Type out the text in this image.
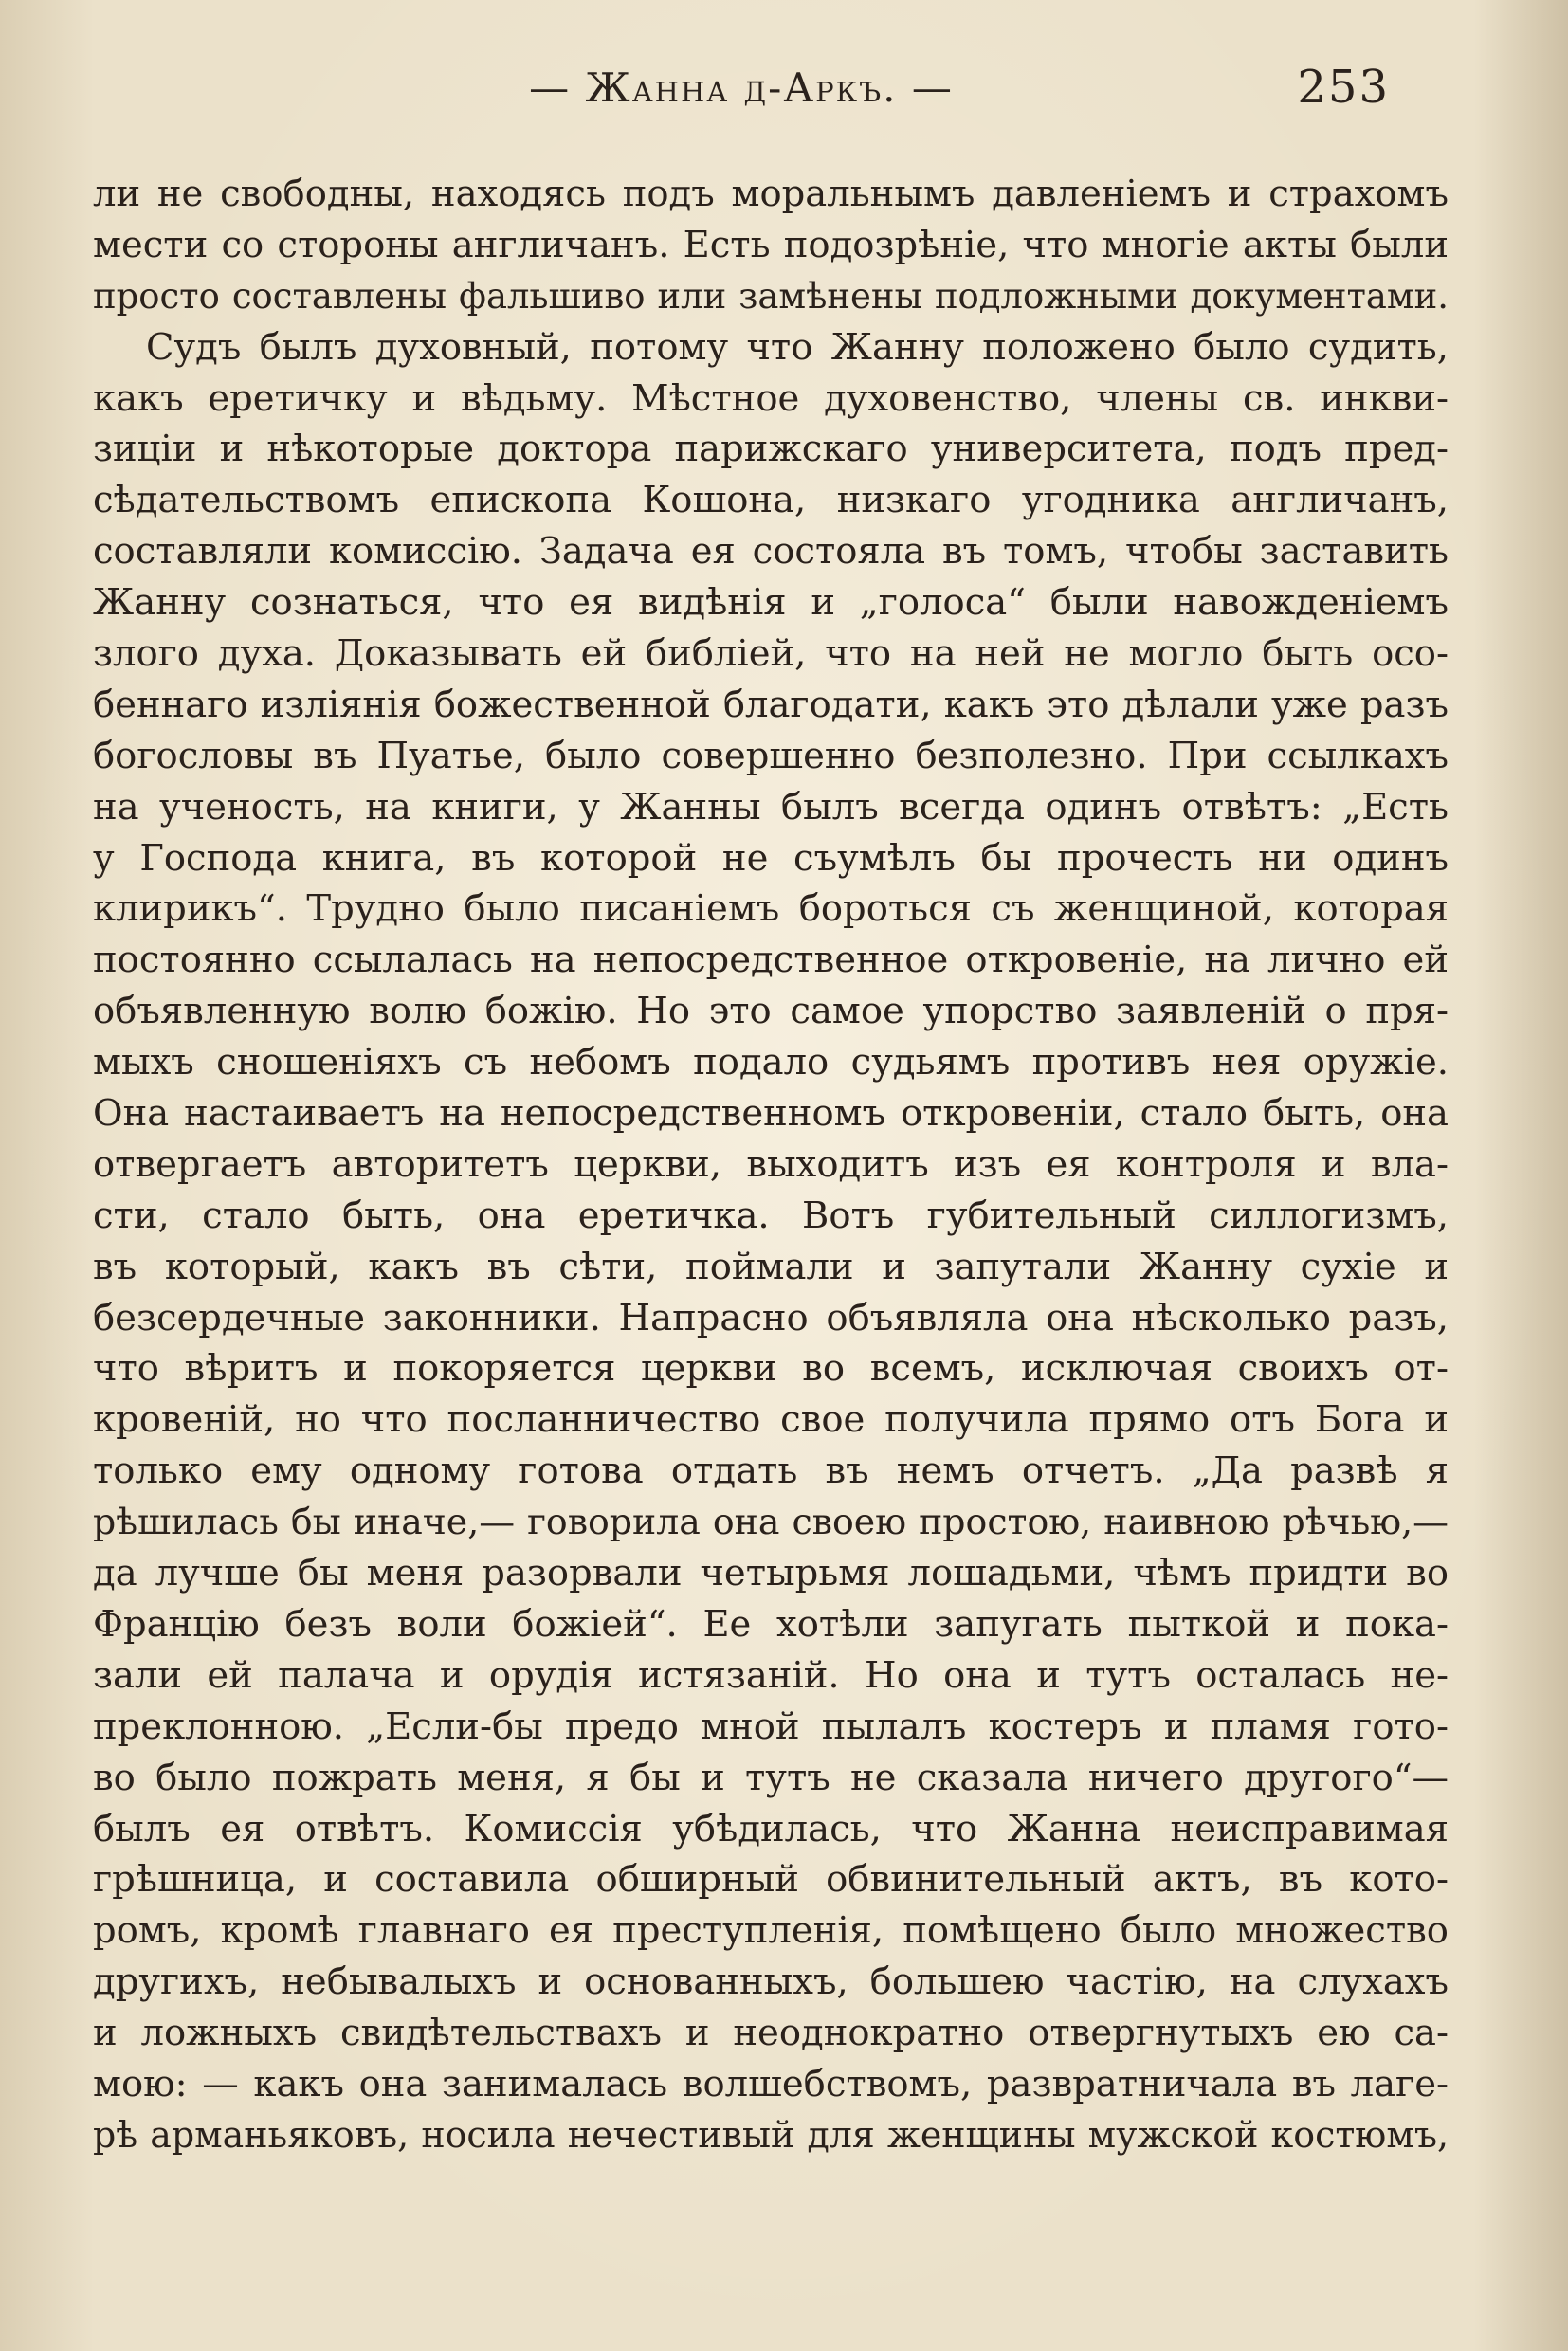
— Жанна д-Аркъ. —	253
ли не свободны, находясь подъ моральнымъ давленіемъ и страхомъ
мести со стороны англичанъ. Есть подозрѣніе, что многіе акты были
просто составлены фальшиво или замѣнены подложными документами.
Судъ былъ духовный, потому что Жанну положено было судить,
какъ еретичку и вѣдьму. Мѣстное духовенство, члены св. инкви-
зиціи и нѣкоторые доктора парижскаго университета, подъ пред-
сѣдательствомъ епископа Кошона, низкаго угодника англичанъ,
составляли комиссію. Задача ея состояла въ томъ, чтобы заставить
Жанну сознаться, что ея видѣнія и „голоса“ были навожденіемъ
злого духа. Доказывать ей библіей, что на ней не могло быть осо-
беннаго изліянія божественной благодати, какъ это дѣлали уже разъ
богословы въ Пуатье, было совершенно безполезно. При ссылкахъ
на ученость, на книги, у Жанны былъ всегда одинъ отвѣтъ: „Есть
у Господа книга, въ которой не съумѣлъ бы прочесть ни одинъ
клирикъ“. Трудно было писаніемъ бороться съ женщиной, которая
постоянно ссылалась на непосредственное откровеніе, на лично ей
объявленную волю божію. Но это самое упорство заявленій о пря-
мыхъ сношеніяхъ съ небомъ подало судьямъ противъ нея оружіе.
Она настаиваетъ на непосредственномъ откровеніи, стало быть, она
отвергаетъ авторитетъ церкви, выходитъ изъ ея контроля и вла-
сти, стало быть, она еретичка. Вотъ губительный силлогизмъ,
въ который, какъ въ сѣти, поймали и запутали Жанну сухіе и
безсердечные законники. Напрасно объявляла она нѣсколько разъ,
что вѣритъ и покоряется церкви во всемъ, исключая своихъ от-
кровеній, но что посланничество свое получила прямо отъ Бога и
только ему одному готова отдать въ немъ отчетъ. „Да развѣ я
рѣшилась бы иначе,— говорила она своею простою, наивною рѣчью,—
да лучше бы меня разорвали четырьмя лошадьми, чѣмъ придти во
Францію безъ воли божіей“. Ее хотѣли запугать пыткой и пока-
зали ей палача и орудія истязаній. Но она и тутъ осталась не-
преклонною. „Если-бы предо мной пылалъ костеръ и пламя гото-
во было пожрать меня, я бы и тутъ не сказала ничего другого“—
былъ ея отвѣтъ. Комиссія убѣдилась, что Жанна неисправимая
грѣшница, и составила обширный обвинительный актъ, въ кото-
ромъ, кромѣ главнаго ея преступленія, помѣщено было множество
другихъ, небывалыхъ и основанныхъ, большею частію, на слухахъ
и ложныхъ свидѣтельствахъ и неоднократно отвергнутыхъ ею са-
мою: — какъ она занималась волшебствомъ, развратничала въ лаге-
рѣ арманьяковъ, носила нечестивый для женщины мужской костюмъ,
